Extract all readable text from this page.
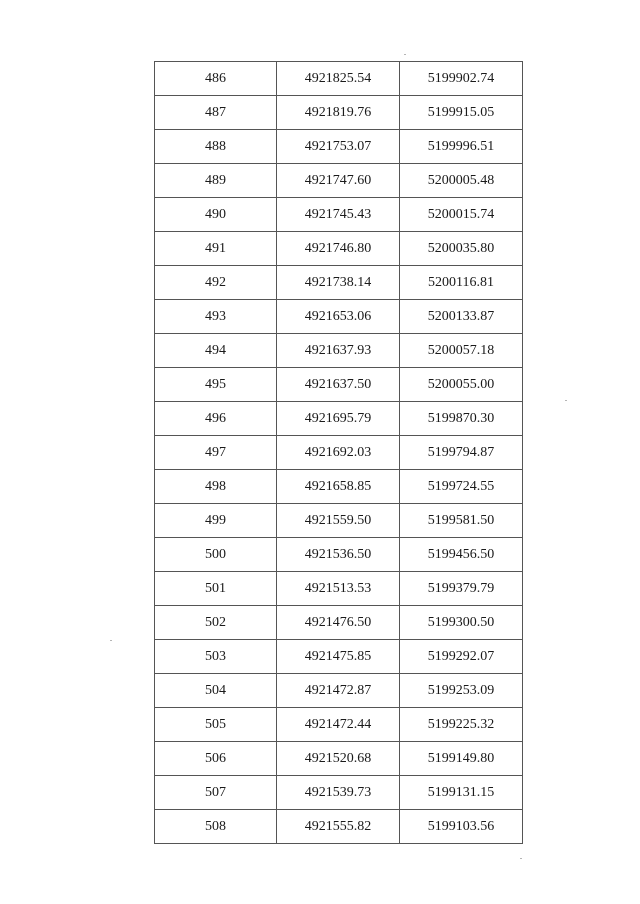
486	4921825.54	5199902.74
487	4921819.76	5199915.05
488	4921753.07	5199996.51
489	4921747.60	5200005.48
490	4921745.43	5200015.74
491	4921746.80	5200035.80
492	4921738.14	5200116.81
493	4921653.06	5200133.87
494	4921637.93	5200057.18
495	4921637.50	5200055.00
496	4921695.79	5199870.30
497	4921692.03	5199794.87
498	4921658.85	5199724.55
499	4921559.50	5199581.50
500	4921536.50	5199456.50
501	4921513.53	5199379.79
502	4921476.50	5199300.50
503	4921475.85	5199292.07
504	4921472.87	5199253.09
505	4921472.44	5199225.32
506	4921520.68	5199149.80
507	4921539.73	5199131.15
508	4921555.82	5199103.56
